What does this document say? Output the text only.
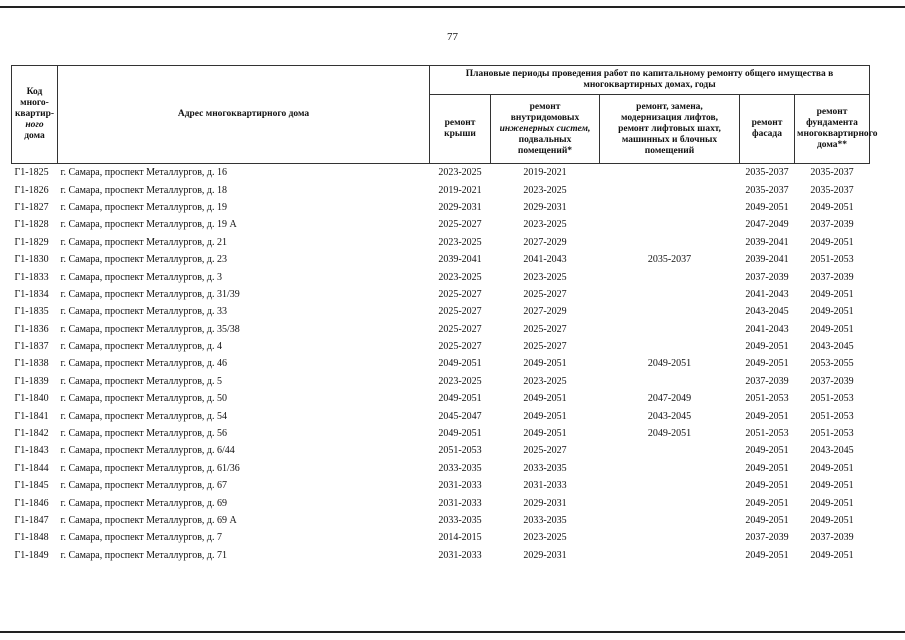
77
Код
много-
квартир-
ного
дома	Адрес многоквартирного дома	Плановые периоды проведения работ по капитальному ремонту общего имущества в многоквартирных домах, годы				
		ремонт
крыши	ремонт
внутридомовых
инженерных систем,
подвальных
помещений*	ремонт, замена,
модернизация лифтов,
ремонт лифтовых шахт,
машинных и блочных
помещений	ремонт
фасада	ремонт
фундамента
многоквартирного
дома**
Г1-1825	г. Самара, проспект Металлургов, д. 16	2023-2025	2019-2021		2035-2037	2035-2037
Г1-1826	г. Самара, проспект Металлургов, д. 18	2019-2021	2023-2025		2035-2037	2035-2037
Г1-1827	г. Самара, проспект Металлургов, д. 19	2029-2031	2029-2031		2049-2051	2049-2051
Г1-1828	г. Самара, проспект Металлургов, д. 19 А	2025-2027	2023-2025		2047-2049	2037-2039
Г1-1829	г. Самара, проспект Металлургов, д. 21	2023-2025	2027-2029		2039-2041	2049-2051
Г1-1830	г. Самара, проспект Металлургов, д. 23	2039-2041	2041-2043	2035-2037	2039-2041	2051-2053
Г1-1833	г. Самара, проспект Металлургов, д. 3	2023-2025	2023-2025		2037-2039	2037-2039
Г1-1834	г. Самара, проспект Металлургов, д. 31/39	2025-2027	2025-2027		2041-2043	2049-2051
Г1-1835	г. Самара, проспект Металлургов, д. 33	2025-2027	2027-2029		2043-2045	2049-2051
Г1-1836	г. Самара, проспект Металлургов, д. 35/38	2025-2027	2025-2027		2041-2043	2049-2051
Г1-1837	г. Самара, проспект Металлургов, д. 4	2025-2027	2025-2027		2049-2051	2043-2045
Г1-1838	г. Самара, проспект Металлургов, д. 46	2049-2051	2049-2051	2049-2051	2049-2051	2053-2055
Г1-1839	г. Самара, проспект Металлургов, д. 5	2023-2025	2023-2025		2037-2039	2037-2039
Г1-1840	г. Самара, проспект Металлургов, д. 50	2049-2051	2049-2051	2047-2049	2051-2053	2051-2053
Г1-1841	г. Самара, проспект Металлургов, д. 54	2045-2047	2049-2051	2043-2045	2049-2051	2051-2053
Г1-1842	г. Самара, проспект Металлургов, д. 56	2049-2051	2049-2051	2049-2051	2051-2053	2051-2053
Г1-1843	г. Самара, проспект Металлургов, д. 6/44	2051-2053	2025-2027		2049-2051	2043-2045
Г1-1844	г. Самара, проспект Металлургов, д. 61/36	2033-2035	2033-2035		2049-2051	2049-2051
Г1-1845	г. Самара, проспект Металлургов, д. 67	2031-2033	2031-2033		2049-2051	2049-2051
Г1-1846	г. Самара, проспект Металлургов, д. 69	2031-2033	2029-2031		2049-2051	2049-2051
Г1-1847	г. Самара, проспект Металлургов, д. 69 А	2033-2035	2033-2035		2049-2051	2049-2051
Г1-1848	г. Самара, проспект Металлургов, д. 7	2014-2015	2023-2025		2037-2039	2037-2039
Г1-1849	г. Самара, проспект Металлургов, д. 71	2031-2033	2029-2031		2049-2051	2049-2051
